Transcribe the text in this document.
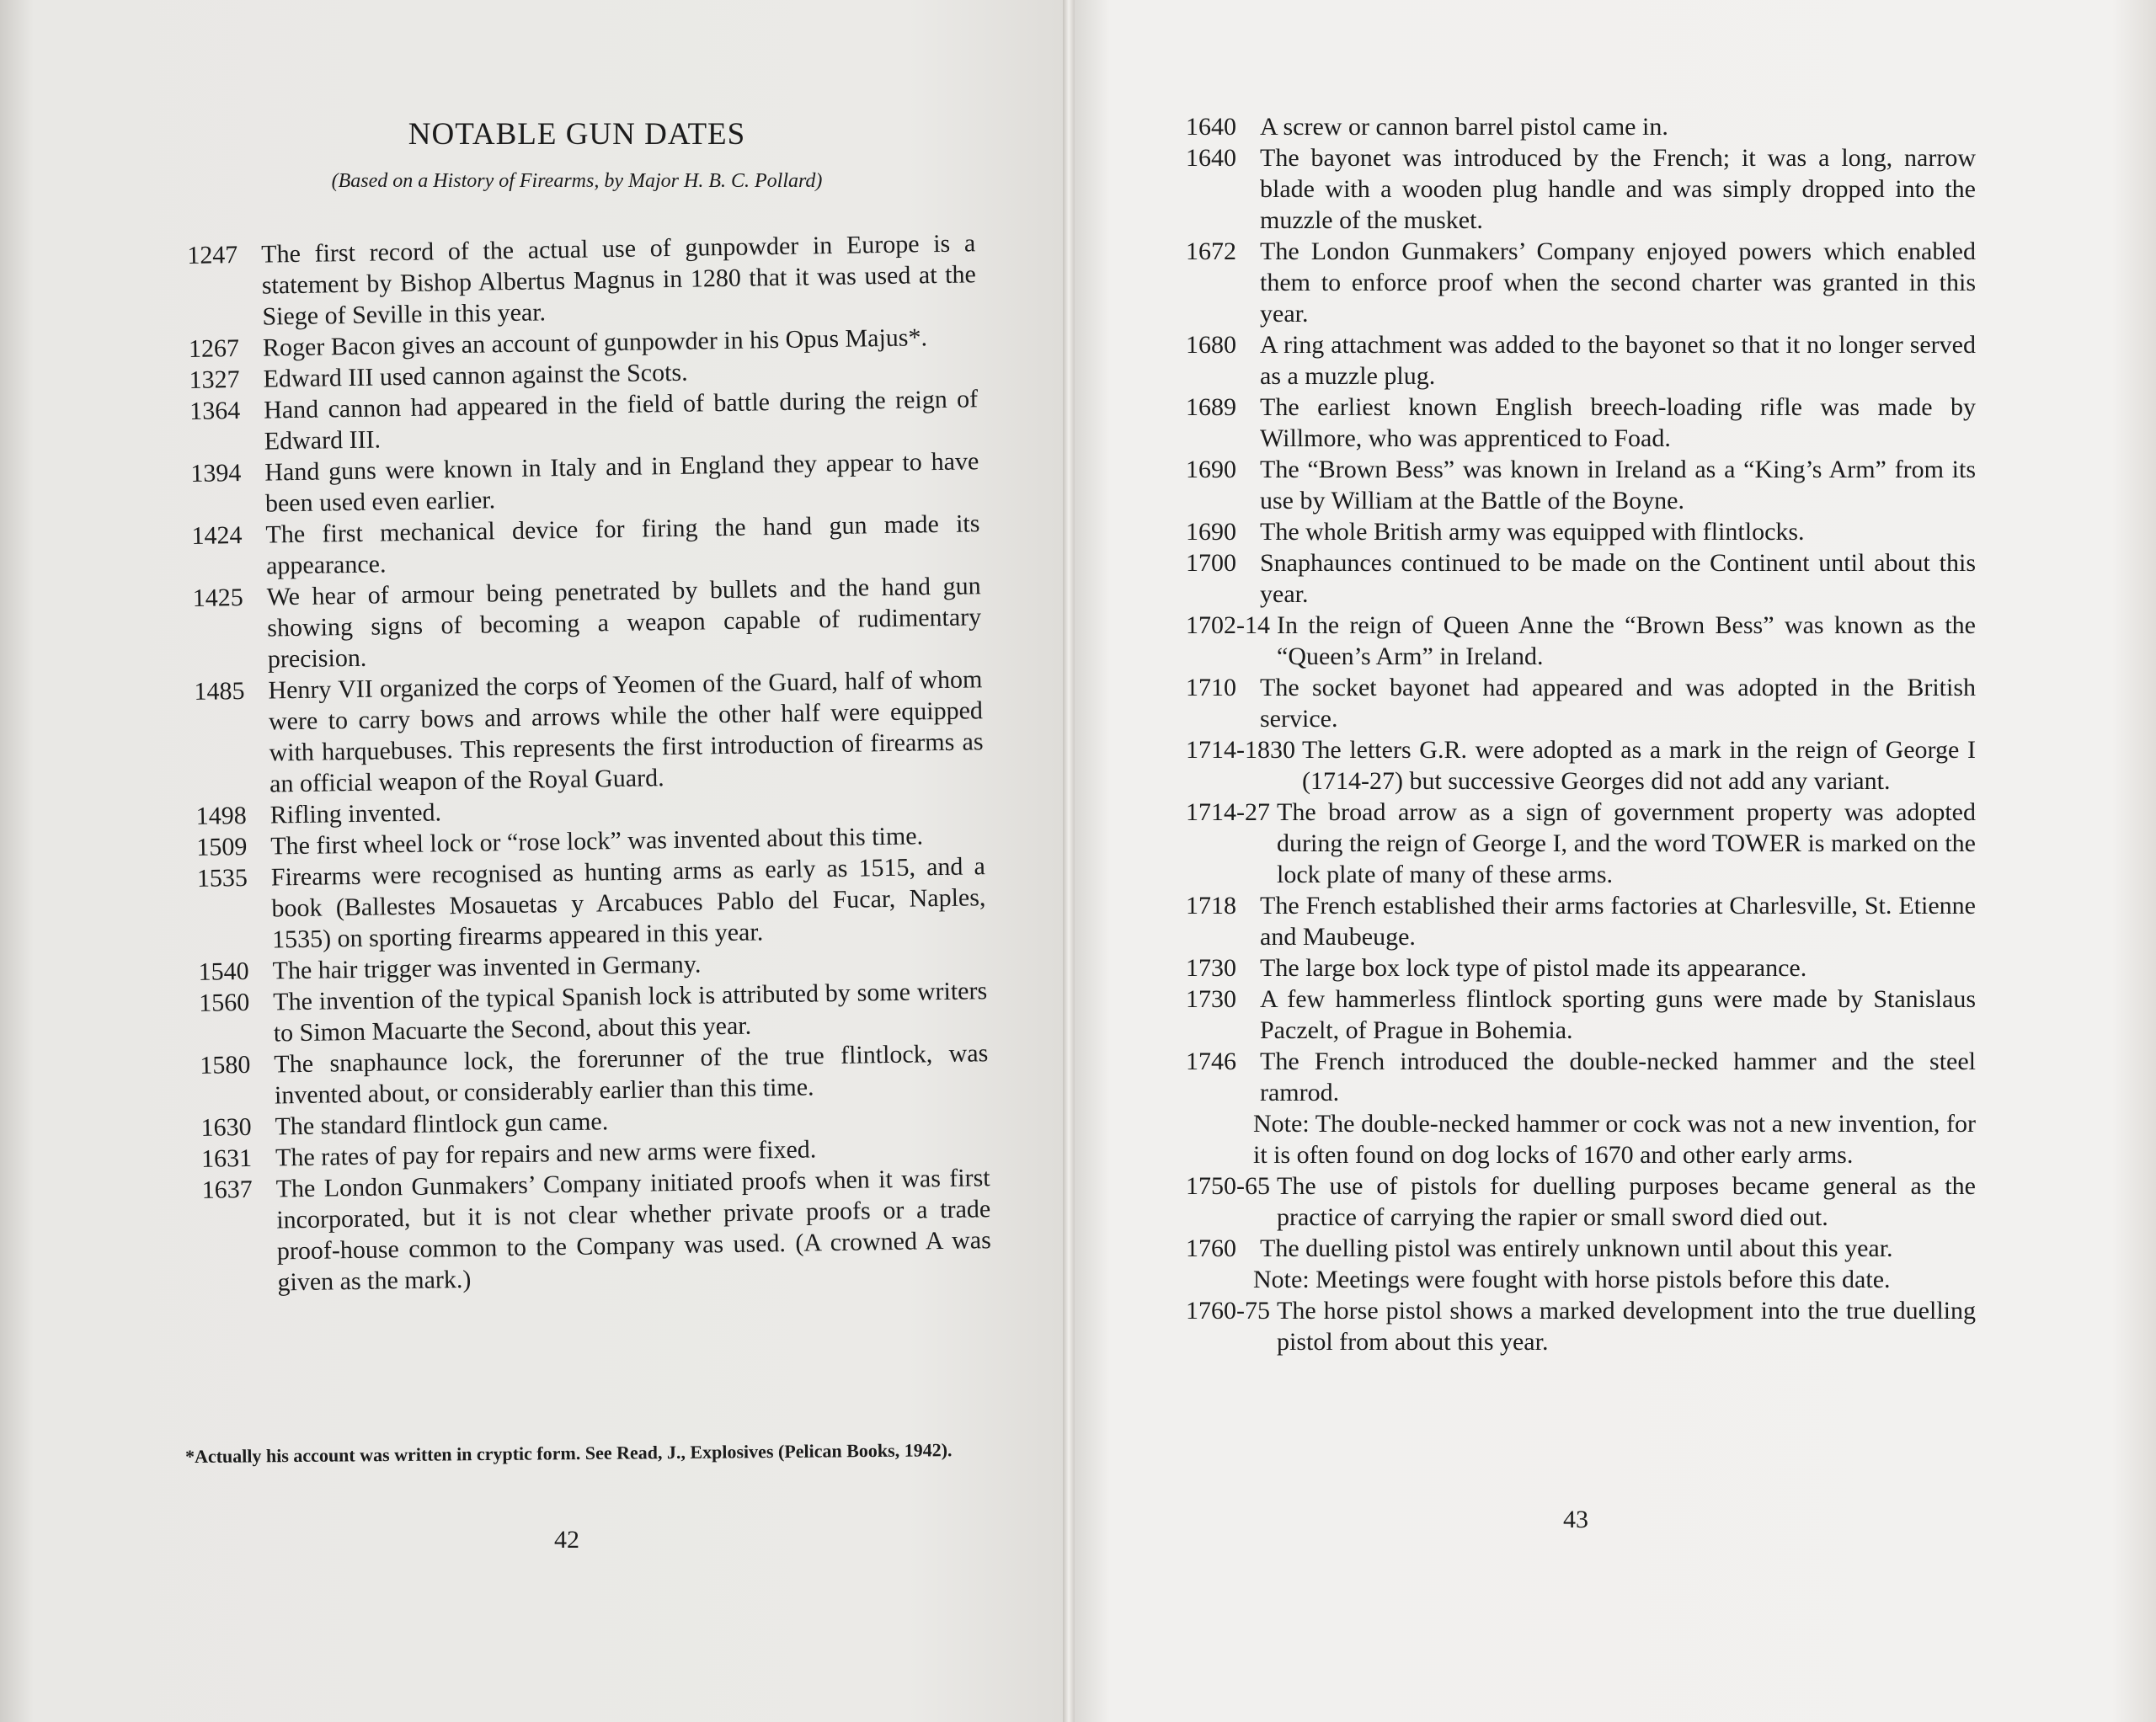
NOTABLE GUN DATES
(Based on a History of Firearms, by Major H. B. C. Pollard)
1247 The first record of the actual use of gunpowder in Europe is a statement by Bishop Albertus Magnus in 1280 that it was used at the Siege of Seville in this year.
1267 Roger Bacon gives an account of gunpowder in his Opus Majus*.
1327 Edward III used cannon against the Scots.
1364 Hand cannon had appeared in the field of battle during the reign of Edward III.
1394 Hand guns were known in Italy and in England they appear to have been used even earlier.
1424 The first mechanical device for firing the hand gun made its appearance.
1425 We hear of armour being penetrated by bullets and the hand gun showing signs of becoming a weapon capable of rudimentary precision.
1485 Henry VII organized the corps of Yeomen of the Guard, half of whom were to carry bows and arrows while the other half were equipped with harquebuses. This represents the first introduction of firearms as an official weapon of the Royal Guard.
1498 Rifling invented.
1509 The first wheel lock or “rose lock” was invented about this time.
1535 Firearms were recognised as hunting arms as early as 1515, and a book (Ballestes Mosauetas y Arcabuces Pablo del Fucar, Naples, 1535) on sporting firearms appeared in this year.
1540 The hair trigger was invented in Germany.
1560 The invention of the typical Spanish lock is attributed by some writers to Simon Macuarte the Second, about this year.
1580 The snaphaunce lock, the forerunner of the true flintlock, was invented about, or considerably earlier than this time.
1630 The standard flintlock gun came.
1631 The rates of pay for repairs and new arms were fixed.
1637 The London Gunmakers’ Company initiated proofs when it was first incorporated, but it is not clear whether private proofs or a trade proof-house common to the Company was used. (A crowned A was given as the mark.)
*Actually his account was written in cryptic form. See Read, J., Explosives (Pelican Books, 1942).
42
1640 A screw or cannon barrel pistol came in.
1640 The bayonet was introduced by the French; it was a long, narrow blade with a wooden plug handle and was simply dropped into the muzzle of the musket.
1672 The London Gunmakers’ Company enjoyed powers which enabled them to enforce proof when the second charter was granted in this year.
1680 A ring attachment was added to the bayonet so that it no longer served as a muzzle plug.
1689 The earliest known English breech-loading rifle was made by Willmore, who was apprenticed to Foad.
1690 The “Brown Bess” was known in Ireland as a “King’s Arm” from its use by William at the Battle of the Boyne.
1690 The whole British army was equipped with flintlocks.
1700 Snaphaunces continued to be made on the Continent until about this year.
1702-14 In the reign of Queen Anne the “Brown Bess” was known as the “Queen’s Arm” in Ireland.
1710 The socket bayonet had appeared and was adopted in the British service.
1714-1830 The letters G.R. were adopted as a mark in the reign of George I (1714-27) but successive Georges did not add any variant.
1714-27 The broad arrow as a sign of government property was adopted during the reign of George I, and the word TOWER is marked on the lock plate of many of these arms.
1718 The French established their arms factories at Charlesville, St. Etienne and Maubeuge.
1730 The large box lock type of pistol made its appearance.
1730 A few hammerless flintlock sporting guns were made by Stanislaus Paczelt, of Prague in Bohemia.
1746 The French introduced the double-necked hammer and the steel ramrod.
Note: The double-necked hammer or cock was not a new invention, for it is often found on dog locks of 1670 and other early arms.
1750-65 The use of pistols for duelling purposes became general as the practice of carrying the rapier or small sword died out.
1760 The duelling pistol was entirely unknown until about this year.
Note: Meetings were fought with horse pistols before this date.
1760-75 The horse pistol shows a marked development into the true duelling pistol from about this year.
43
